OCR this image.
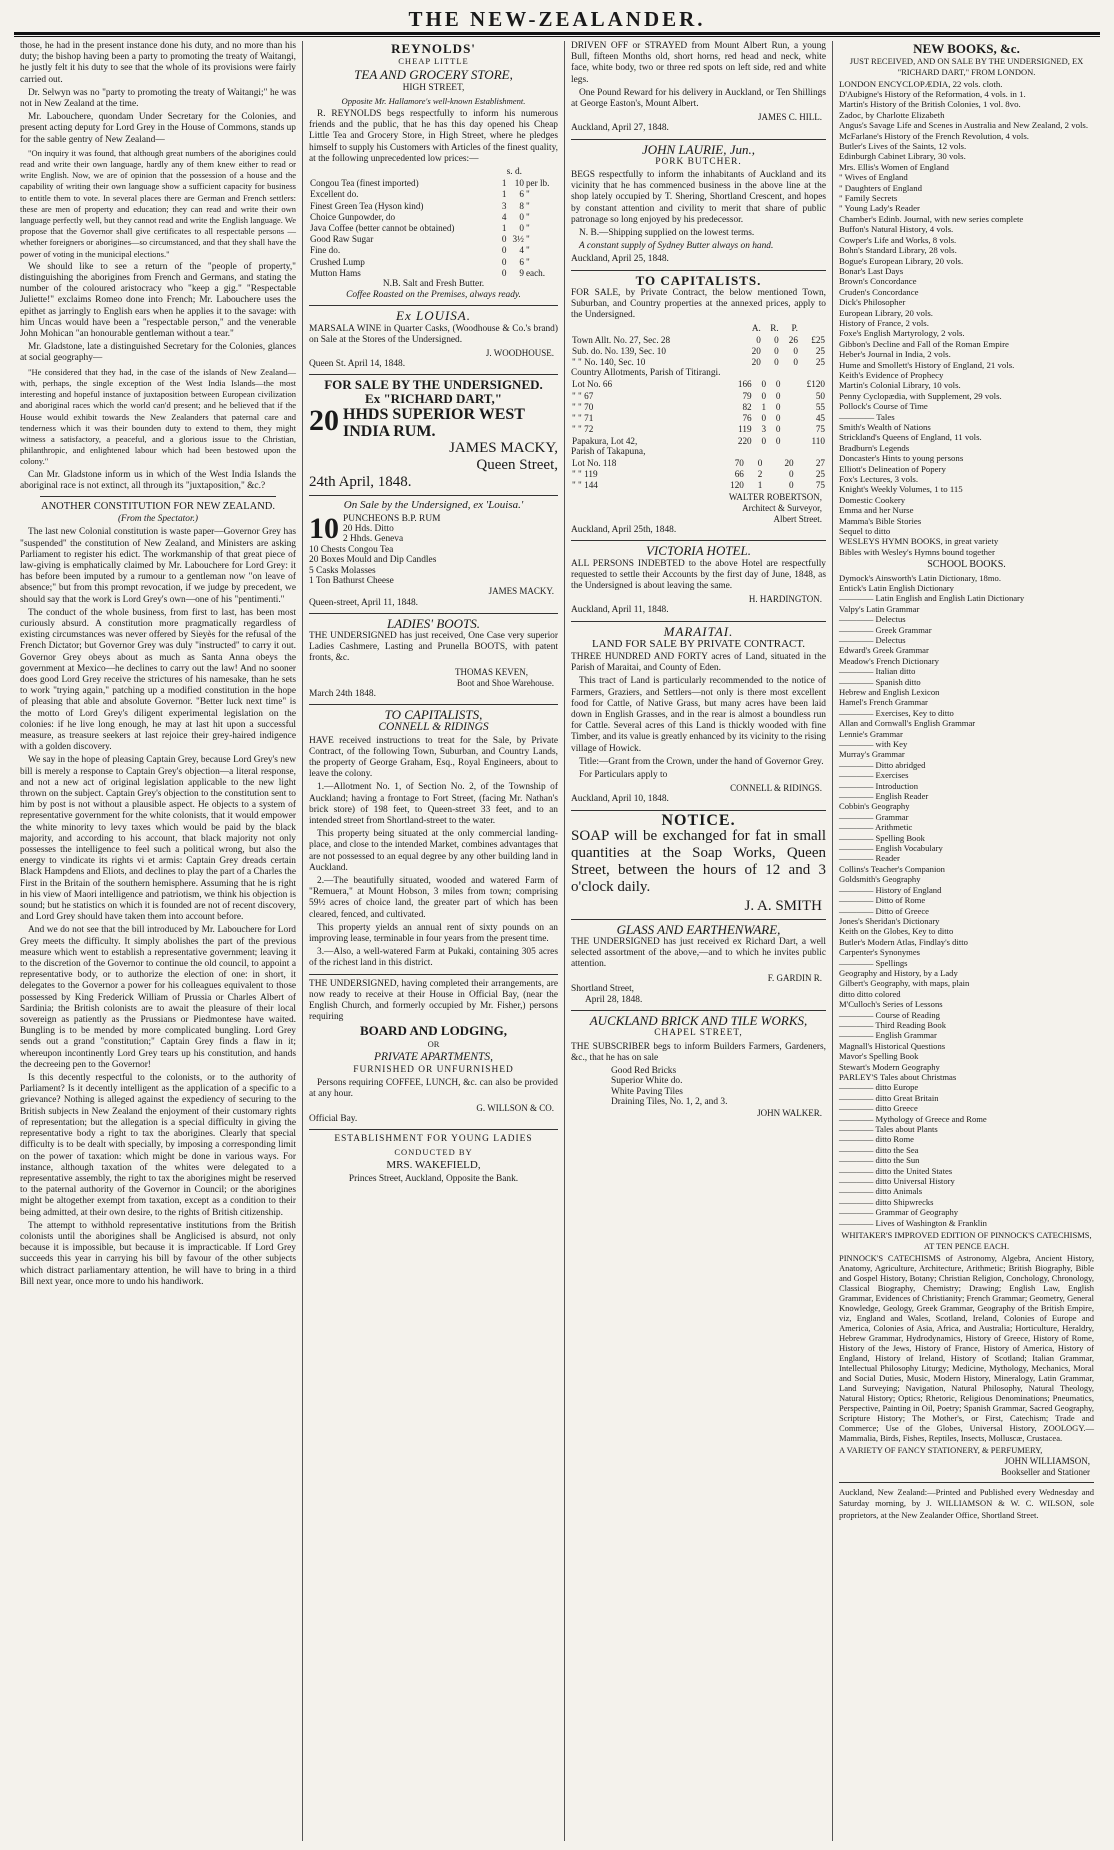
THE NEW-ZEALANDER.

those, he had in the present instance done his duty, and no more than his duty; the bishop having been a party to promoting the treaty of Waitangi, he justly felt it his duty to see that the whole of its provisions were fairly carried out.

Dr. Selwyn was no "party to promoting the treaty of Waitangi;" he was not in New Zealand at the time.

Mr. Labouchere, quondam Under Secretary for the Colonies, and present acting deputy for Lord Grey in the House of Commons, stands up for the sable gentry of New Zealand—

"On inquiry it was found, that although great numbers of the aborigines could read and write their own language, hardly any of them knew either to read or write English. Now, we are of opinion that the possession of a house and the capability of writing their own language show a sufficient capacity for business to entitle them to vote. In several places there are German and French settlers: these are men of property and education; they can read and write their own language perfectly well, but they cannot read and write the English language. We propose that the Governor shall give certificates to all respectable persons —whether foreigners or aborigines—so circumstanced, and that they shall have the power of voting in the municipal elections."

We should like to see a return of the "people of property," distinguishing the aborigines from French and Germans, and stating the number of the coloured aristocracy who "keep a gig." "Respectable Juliette!" exclaims Romeo done into French; Mr. Labouchere uses the epithet as jarringly to English ears when he applies it to the savage: with him Uncas would have been a "respectable person," and the venerable John Mohican "an honourable gentleman without a tear."

Mr. Gladstone, late a distinguished Secretary for the Colonies, glances at social geography—

"He considered that they had, in the case of the islands of New Zealand—with, perhaps, the single exception of the West India Islands—the most interesting and hopeful instance of juxtaposition between European civilization and aboriginal races which the world can'd present; and he believed that if the House would exhibit towards the New Zealanders that paternal care and tenderness which it was their bounden duty to extend to them, they might witness a satisfactory, a peaceful, and a glorious issue to the Christian, philanthropic, and enlightened labour which had been bestowed upon the colony."

Can Mr. Gladstone inform us in which of the West India Islands the aboriginal race is not extinct, all through its "juxtaposition," &c.?

ANOTHER CONSTITUTION FOR NEW ZEALAND.
(From the Spectator.)

The last new Colonial constitution is waste paper—Governor Grey has "suspended" the constitution of New Zealand, and Ministers are asking Parliament to register his edict. The workmanship of that great piece of law-giving is emphatically claimed by Mr. Labouchere for Lord Grey: it has before been imputed by a rumour to a gentleman now "on leave of absence;" but from this prompt revocation, if we judge by precedent, we should say that the work is Lord Grey's own—one of his "pentimenti."

The conduct of the whole business, from first to last, has been most curiously absurd. A constitution more pragmatically regardless of existing circumstances was never offered by Sieyès for the refusal of the French Dictator; but Governor Grey was duly "instructed" to carry it out. Governor Grey obeys about as much as Santa Anna obeys the government at Mexico—he declines to carry out the law! And no sooner does good Lord Grey receive the strictures of his namesake, than he sets to work "trying again," patching up a modified constitution in the hope of pleasing that able and absolute Governor. "Better luck next time" is the motto of Lord Grey's diligent experimental legislation on the colonies: if he live long enough, he may at last hit upon a successful measure, as treasure seekers at last rejoice their grey-haired indigence with a golden discovery.

We say in the hope of pleasing Captain Grey, because Lord Grey's new bill is merely a response to Captain Grey's objection—a literal response, and not a new act of original legislation applicable to the new light thrown on the subject. Captain Grey's objection to the constitution sent to him by post is not without a plausible aspect. He objects to a system of representative government for the white colonists, that it would empower the white minority to levy taxes which would be paid by the black majority, and according to his account, that black majority not only possesses the intelligence to feel such a political wrong, but also the energy to vindicate its rights vi et armis: Captain Grey dreads certain Black Hampdens and Eliots, and declines to play the part of a Charles the First in the Britain of the southern hemisphere. Assuming that he is right in his view of Maori intelligence and patriotism, we think his objection is sound; but he statistics on which it is founded are not of recent discovery, and Lord Grey should have taken them into account before.

And we do not see that the bill introduced by Mr. Labouchere for Lord Grey meets the difficulty. It simply abolishes the part of the previous measure which went to establish a representative government; leaving it to the discretion of the Governor to continue the old council, to appoint a representative body, or to authorize the election of one: in short, it delegates to the Governor a power for his colleagues equivalent to those possessed by King Frederick William of Prussia or Charles Albert of Sardinia; the British colonists are to await the pleasure of their local sovereign as patiently as the Prussians or Piedmontese have waited. Bungling is to be mended by more complicated bungling. Lord Grey sends out a grand "constitution;" Captain Grey finds a flaw in it; whereupon incontinently Lord Grey tears up his constitution, and hands the decreeing pen to the Governor!

Is this decently respectful to the colonists, or to the authority of Parliament? Is it decently intelligent as the application of a specific to a grievance? Nothing is alleged against the expediency of securing to the British subjects in New Zealand the enjoyment of their customary rights of representation; but the allegation is a special difficulty in giving the representative body a right to tax the aborigines. Clearly that special difficulty is to be dealt with specially, by imposing a corresponding limit on the power of taxation: which might be done in various ways. For instance, although taxation of the whites were delegated to a representative assembly, the right to tax the aborigines might be reserved to the paternal authority of the Governor in Council; or the aborigines might be altogether exempt from taxation, except as a condition to their being admitted, at their own desire, to the rights of British citizenship.

The attempt to withhold representative institutions from the British colonists until the aborigines shall be Anglicised is absurd, not only because it is impossible, but because it is impracticable. If Lord Grey succeeds this year in carrying his bill by favour of the other subjects which distract parliamentary attention, he will have to bring in a third Bill next year, once more to undo his handiwork.

REYNOLDS'
CHEAP LITTLE
TEA AND GROCERY STORE,
HIGH STREET,
Opposite Mr. Hallamore's well-known Establishment.

R. REYNOLDS begs respectfully to inform his numerous friends and the public, that he has this day opened his Cheap Little Tea and Grocery Store, in High Street, where he pledges himself to supply his Customers with Articles of the finest quality, at the following unprecedented low prices:—

s. d.
Congou Tea (finest imported)	1	10	per lb.
Excellent do.	1	6	"
Finest Green Tea (Hyson kind)	3	8	"
Choice Gunpowder, do	4	0	"
Java Coffee (better cannot be obtained)	1	0	"
Good Raw Sugar	0	3½	"
Fine do.	0	4	"
Crushed Lump	0	6	"
Mutton Hams	0	9	each.
N.B. Salt and Fresh Butter.
Coffee Roasted on the Premises, always ready.
Ex LOUISA.

MARSALA WINE in Quarter Casks, (Woodhouse & Co.'s brand) on Sale at the Stores of the Undersigned.

J. WOODHOUSE.
Queen St. April 14, 1848.
FOR SALE BY THE UNDERSIGNED.
Ex "RICHARD DART,"
20 HHDS SUPERIOR WEST INDIA RUM.
JAMES MACKY,
Queen Street,
24th April, 1848.
On Sale by the Undersigned, ex 'Louisa.'
10 PUNCHEONS B.P. RUM
20 Hds. Ditto
2 Hhds. Geneva
10 Chests Congou Tea
20 Boxes Mould and Dip Candles
5 Casks Molasses
1 Ton Bathurst Cheese
JAMES MACKY.
Queen-street, April 11, 1848.
LADIES' BOOTS.

THE UNDERSIGNED has just received, One Case very superior Ladies Cashmere, Lasting and Prunella BOOTS, with patent fronts, &c.

THOMAS KEVEN,
Boot and Shoe Warehouse.
March 24th 1848.
TO CAPITALISTS,
CONNELL & RIDINGS

HAVE received instructions to treat for the Sale, by Private Contract, of the following Town, Suburban, and Country Lands, the property of George Graham, Esq., Royal Engineers, about to leave the colony.

1.—Allotment No. 1, of Section No. 2, of the Township of Auckland; having a frontage to Fort Street, (facing Mr. Nathan's brick store) of 198 feet, to Queen-street 33 feet, and to an intended street from Shortland-street to the water.

This property being situated at the only commercial landing-place, and close to the intended Market, combines advantages that are not possessed to an equal degree by any other building land in Auckland.

2.—The beautifully situated, wooded and watered Farm of "Remuera," at Mount Hobson, 3 miles from town; comprising 59½ acres of choice land, the greater part of which has been cleared, fenced, and cultivated.

This property yields an annual rent of sixty pounds on an improving lease, terminable in four years from the present time.

3.—Also, a well-watered Farm at Pukaki, containing 305 acres of the richest land in this district.

THE UNDERSIGNED, having completed their arrangements, are now ready to receive at their House in Official Bay, (near the English Church, and formerly occupied by Mr. Fisher,) persons requiring

BOARD AND LODGING,
OR
PRIVATE APARTMENTS,
FURNISHED OR UNFURNISHED

Persons requiring COFFEE, LUNCH, &c. can also be provided at any hour.

G. WILLSON & CO.
Official Bay.
ESTABLISHMENT FOR YOUNG LADIES
CONDUCTED BY
MRS. WAKEFIELD,
Princes Street, Auckland, Opposite the Bank.

DRIVEN OFF or STRAYED from Mount Albert Run, a young Bull, fifteen Months old, short horns, red head and neck, white face, white body, two or three red spots on left side, red and white legs.

One Pound Reward for his delivery in Auckland, or Ten Shillings at George Easton's, Mount Albert.

JAMES C. HILL.
Auckland, April 27, 1848.
JOHN LAURIE, Jun.,
PORK BUTCHER.

BEGS respectfully to inform the inhabitants of Auckland and its vicinity that he has commenced business in the above line at the shop lately occupied by T. Shering, Shortland Crescent, and hopes by constant attention and civility to merit that share of public patronage so long enjoyed by his predecessor.

N. B.—Shipping supplied on the lowest terms.

A constant supply of Sydney Butter always on hand.

Auckland, April 25, 1848.
TO CAPITALISTS.

FOR SALE, by Private Contract, the below mentioned Town, Suburban, and Country properties at the annexed prices, apply to the Undersigned.

	A.	R.	P.	
Town Allt. No. 27, Sec. 28	0	0	26	£25
Sub. do. No. 139, Sec. 10	20	0	0	25
" " No. 140, Sec. 10	20	0	0	25
Country Allotments, Parish of Titirangi.
Lot No. 66	166	0	0	£120
" " 67	79	0	0	50
" " 70	82	1	0	55
" " 71	76	0	0	45
" " 72	119	3	0	75
Papakura, Lot 42,	220	0	0	110
Parish of Takapuna,
Lot No. 118	70	0	20	27
" " 119	66	2	0	25
" " 144	120	1	0	75
WALTER ROBERTSON,
Architect & Surveyor,
Albert Street.
Auckland, April 25th, 1848.
VICTORIA HOTEL.

ALL PERSONS INDEBTED to the above Hotel are respectfully requested to settle their Accounts by the first day of June, 1848, as the Undersigned is about leaving the same.

H. HARDINGTON.
Auckland, April 11, 1848.
MARAITAI.
LAND FOR SALE BY PRIVATE CONTRACT.

THREE HUNDRED AND FORTY acres of Land, situated in the Parish of Maraitai, and County of Eden.

This tract of Land is particularly recommended to the notice of Farmers, Graziers, and Settlers—not only is there most excellent food for Cattle, of Native Grass, but many acres have been laid down in English Grasses, and in the rear is almost a boundless run for Cattle. Several acres of this Land is thickly wooded with fine Timber, and its value is greatly enhanced by its vicinity to the rising village of Howick.

Title:—Grant from the Crown, under the hand of Governor Grey.

For Particulars apply to

CONNELL & RIDINGS.
Auckland, April 10, 1848.
NOTICE.

SOAP will be exchanged for fat in small quantities at the Soap Works, Queen Street, between the hours of 12 and 3 o'clock daily.

J. A. SMITH
GLASS AND EARTHENWARE,

THE UNDERSIGNED has just received ex Richard Dart, a well selected assortment of the above,—and to which he invites public attention.

F. GARDIN R.
Shortland Street,
April 28, 1848.
AUCKLAND BRICK AND TILE WORKS,
CHAPEL STREET,

THE SUBSCRIBER begs to inform Builders Farmers, Gardeners, &c., that he has on sale

Good Red Bricks
Superior White do.
White Paving Tiles
Draining Tiles, No. 1, 2, and 3.
JOHN WALKER.
NEW BOOKS, &c.
JUST RECEIVED, AND ON SALE BY THE UNDERSIGNED, EX "RICHARD DART," FROM LONDON.
LONDON ENCYCLOPÆDIA, 22 vols. cloth.
D'Aubigne's History of the Reformation, 4 vols. in 1.
Martin's History of the British Colonies, 1 vol. 8vo.
Zadoc, by Charlotte Elizabeth
Angus's Savage Life and Scenes in Australia and New Zealand, 2 vols.
McFarlane's History of the French Revolution, 4 vols.
Butler's Lives of the Saints, 12 vols.
Edinburgh Cabinet Library, 30 vols.
Mrs. Ellis's Women of England
" Wives of England
" Daughters of England
" Family Secrets
" Young Lady's Reader
Chamber's Edinb. Journal, with new series complete
Buffon's Natural History, 4 vols.
Cowper's Life and Works, 8 vols.
Bohn's Standard Library, 28 vols.
Bogue's European Library, 20 vols.
Bonar's Last Days
Brown's Concordance
Cruden's Concordance
Dick's Philosopher
European Library, 20 vols.
History of France, 2 vols.
Foxe's English Martyrology, 2 vols.
Gibbon's Decline and Fall of the Roman Empire
Heber's Journal in India, 2 vols.
Hume and Smollett's History of England, 21 vols.
Keith's Evidence of Prophecy
Martin's Colonial Library, 10 vols.
Penny Cyclopædia, with Supplement, 29 vols.
Pollock's Course of Time
———— Tales
Smith's Wealth of Nations
Strickland's Queens of England, 11 vols.
Bradburn's Legends
Doncaster's Hints to young persons
Elliott's Delineation of Popery
Fox's Lectures, 3 vols.
Knight's Weekly Volumes, 1 to 115
Domestic Cookery
Emma and her Nurse
Mamma's Bible Stories
Sequel to ditto
WESLEYS HYMN BOOKS, in great variety
Bibles with Wesley's Hymns bound together
SCHOOL BOOKS.
Dymock's Ainsworth's Latin Dictionary, 18mo.
Entick's Latin English Dictionary
———— Latin English and English Latin Dictionary
Valpy's Latin Grammar
———— Delectus
———— Greek Grammar
———— Delectus
Edward's Greek Grammar
Meadow's French Dictionary
———— Italian ditto
———— Spanish ditto
Hebrew and English Lexicon
Hamel's French Grammar
———— Exercises, Key to ditto
Allan and Cornwall's English Grammar
Lennie's Grammar
———— with Key
Murray's Grammar
———— Ditto abridged
———— Exercises
———— Introduction
———— English Reader
Cobbin's Geography
———— Grammar
———— Arithmetic
———— Spelling Book
———— English Vocabulary
———— Reader
Collins's Teacher's Companion
Goldsmith's Geography
———— History of England
———— Ditto of Rome
———— Ditto of Greece
Jones's Sheridan's Dictionary
Keith on the Globes, Key to ditto
Butler's Modern Atlas, Findlay's ditto
Carpenter's Synonymes
———— Spellings
Geography and History, by a Lady
Gilbert's Geography, with maps, plain
ditto ditto colored
M'Culloch's Series of Lessons
———— Course of Reading
———— Third Reading Book
———— English Grammar
Magnall's Historical Questions
Mavor's Spelling Book
Stewart's Modern Geography
PARLEY'S Tales about Christmas
———— ditto Europe
———— ditto Great Britain
———— ditto Greece
———— Mythology of Greece and Rome
———— Tales about Plants
———— ditto Rome
———— ditto the Sea
———— ditto the Sun
———— ditto the United States
———— ditto Universal History
———— ditto Animals
———— ditto Shipwrecks
———— Grammar of Geography
———— Lives of Washington & Franklin
WHITAKER'S IMPROVED EDITION OF PINNOCK'S CATECHISMS, AT TEN PENCE EACH.

PINNOCK'S CATECHISMS of Astronomy, Algebra, Ancient History, Anatomy, Agriculture, Architecture, Arithmetic; British Biography, Bible and Gospel History, Botany; Christian Religion, Conchology, Chronology, Classical Biography, Chemistry; Drawing; English Law, English Grammar, Evidences of Christianity; French Grammar; Geometry, General Knowledge, Geology, Greek Grammar, Geography of the British Empire, viz, England and Wales, Scotland, Ireland, Colonies of Europe and America, Colonies of Asia, Africa, and Australia; Horticulture, Heraldry, Hebrew Grammar, Hydrodynamics, History of Greece, History of Rome, History of the Jews, History of France, History of America, History of England, History of Ireland, History of Scotland; Italian Grammar, Intellectual Philosophy Liturgy; Medicine, Mythology, Mechanics, Moral and Social Duties, Music, Modern History, Mineralogy, Latin Grammar, Land Surveying; Navigation, Natural Philosophy, Natural Theology, Natural History; Optics; Rhetoric, Religious Denominations; Pneumatics, Perspective, Painting in Oil, Poetry; Spanish Grammar, Sacred Geography, Scripture History; The Mother's, or First, Catechism; Trade and Commerce; Use of the Globes, Universal History, ZOOLOGY.—Mammalia, Birds, Fishes, Reptiles, Insects, Molluscæ, Crustacea.

A VARIETY OF FANCY STATIONERY, & PERFUMERY,
JOHN WILLIAMSON,
Bookseller and Stationer

Auckland, New Zealand:—Printed and Published every Wednesday and Saturday morning, by J. WILLIAMSON & W. C. WILSON, sole proprietors, at the New Zealander Office, Shortland Street.
